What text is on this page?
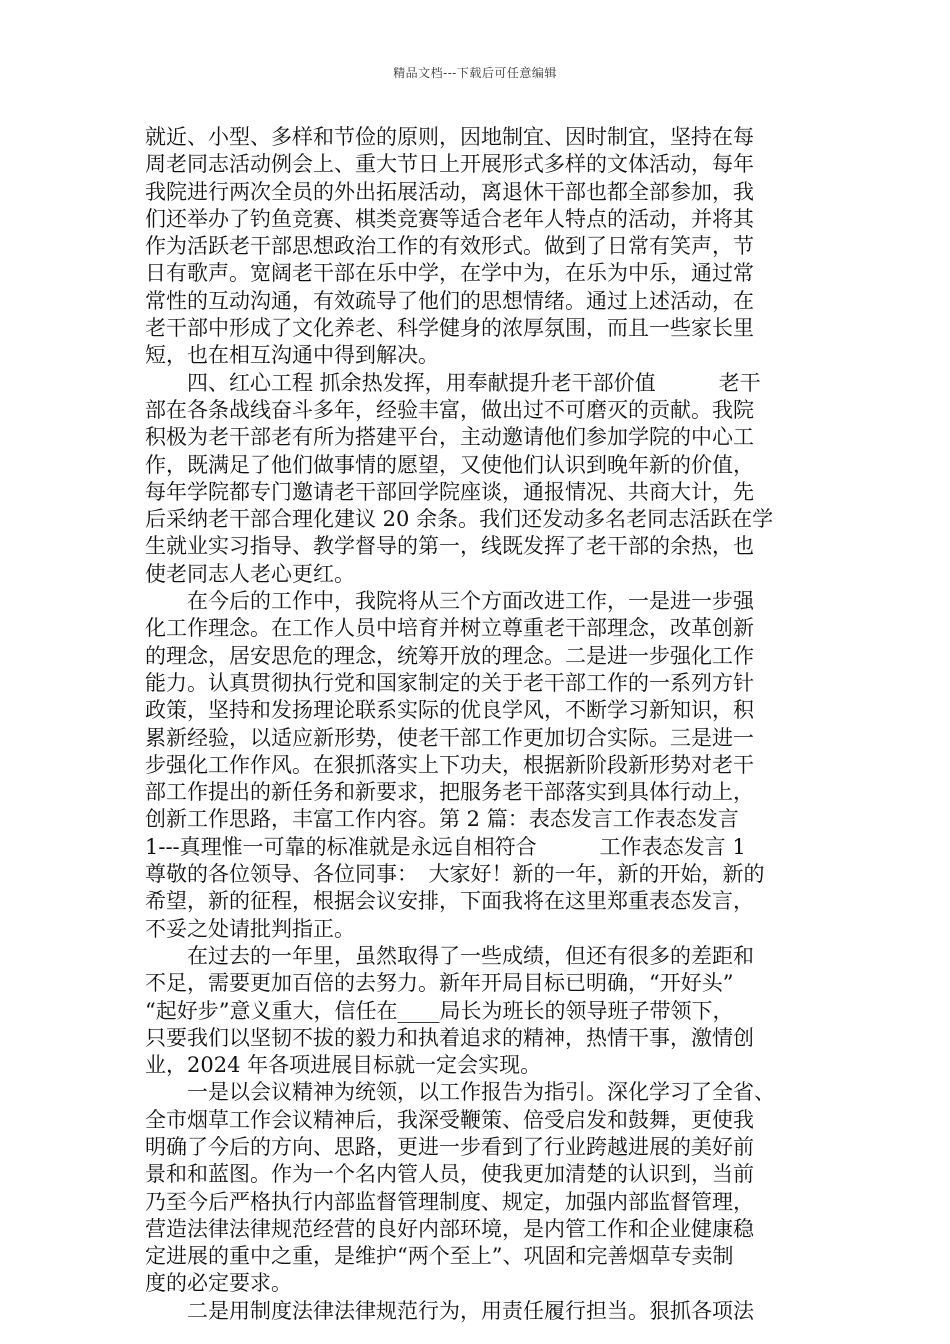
精品文档---下载后可任意编辑
就近、小型、多样和节俭的原则，因地制宜、因时制宜，坚持在每
周老同志活动例会上、重大节日上开展形式多样的文体活动，每年
我院进行两次全员的外出拓展活动，离退休干部也都全部参加，我
们还举办了钓鱼竞赛、棋类竞赛等适合老年人特点的活动，并将其
作为活跃老干部思想政治工作的有效形式。做到了日常有笑声，节
日有歌声。宽阔老干部在乐中学，在学中为，在乐为中乐，通过常
常性的互动沟通，有效疏导了他们的思想情绪。通过上述活动，在
老干部中形成了文化养老、科学健身的浓厚氛围，而且一些家长里
短，也在相互沟通中得到解决。
　　四、红心工程 抓余热发挥，用奉献提升老干部价值　　　老干
部在各条战线奋斗多年，经验丰富，做出过不可磨灭的贡献。我院
积极为老干部老有所为搭建平台，主动邀请他们参加学院的中心工
作，既满足了他们做事情的愿望，又使他们认识到晚年新的价值，
每年学院都专门邀请老干部回学院座谈，通报情况、共商大计，先
后采纳老干部合理化建议 20 余条。我们还发动多名老同志活跃在学
生就业实习指导、教学督导的第一，线既发挥了老干部的余热，也
使老同志人老心更红。
　　在今后的工作中，我院将从三个方面改进工作，一是进一步强
化工作理念。在工作人员中培育并树立尊重老干部理念，改革创新
的理念，居安思危的理念，统筹开放的理念。二是进一步强化工作
能力。认真贯彻执行党和国家制定的关于老干部工作的一系列方针
政策，坚持和发扬理论联系实际的优良学风，不断学习新知识，积
累新经验，以适应新形势，使老干部工作更加切合实际。三是进一
步强化工作作风。在狠抓落实上下功夫，根据新阶段新形势对老干
部工作提出的新任务和新要求，把服务老干部落实到具体行动上，
创新工作思路，丰富工作内容。第 2 篇：表态发言工作表态发言
1---真理惟一可靠的标准就是永远自相符合　　　工作表态发言 1
尊敬的各位领导、各位同事：　大家好！新的一年，新的开始，新的
希望，新的征程，根据会议安排，下面我将在这里郑重表态发言，
不妥之处请批判指正。
　　在过去的一年里，虽然取得了一些成绩，但还有很多的差距和
不足，需要更加百倍的去努力。新年开局目标已明确，“开好头”
“起好步”意义重大，信任在____局长为班长的领导班子带领下，
只要我们以坚韧不拔的毅力和执着追求的精神，热情干事，激情创
业，2024 年各项进展目标就一定会实现。
　　一是以会议精神为统领，以工作报告为指引。深化学习了全省、
全市烟草工作会议精神后，我深受鞭策、倍受启发和鼓舞，更使我
明确了今后的方向、思路，更进一步看到了行业跨越进展的美好前
景和和蓝图。作为一个名内管人员，使我更加清楚的认识到，当前
乃至今后严格执行内部监督管理制度、规定，加强内部监督管理，
营造法律法律规范经营的良好内部环境，是内管工作和企业健康稳
定进展的重中之重，是维护“两个至上”、巩固和完善烟草专卖制
度的必定要求。
　　二是用制度法律法律规范行为，用责任履行担当。狠抓各项法
